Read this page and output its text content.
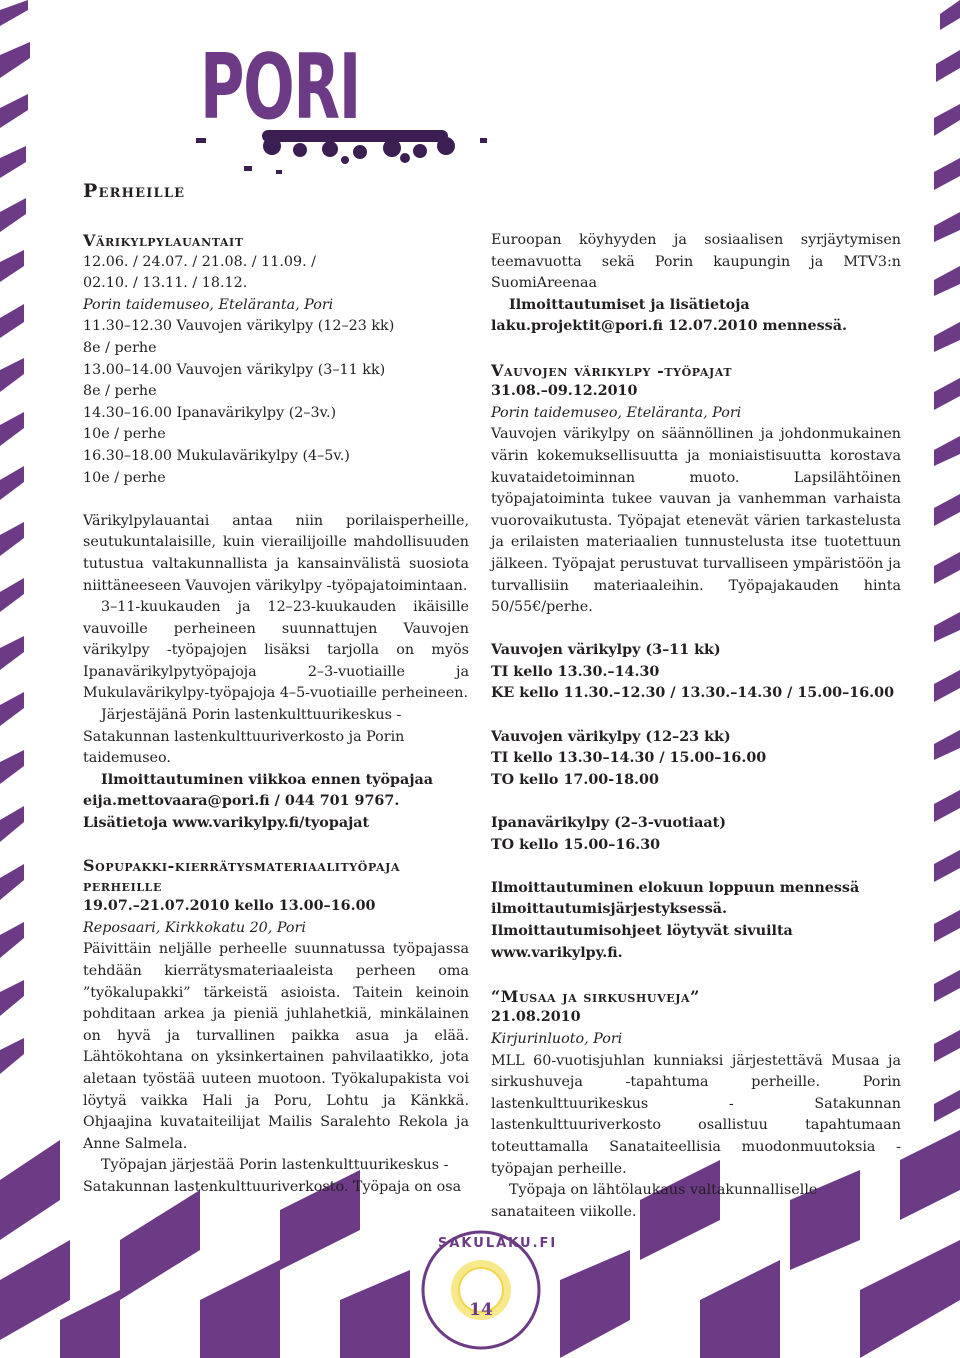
PORI
SAKULAKU.FI
14
Perheille

Värikylpylauantait

12.06. / 24.07. / 21.08. / 11.09. /

02.10. / 13.11. / 18.12.

Porin taidemuseo, Eteläranta, Pori

11.30–12.30 Vauvojen värikylpy (12–23 kk)

8e / perhe

13.00–14.00 Vauvojen värikylpy (3–11 kk)

8e / perhe

14.30–16.00 Ipanavärikylpy (2–3v.)

10e / perhe

16.30–18.00 Mukulavärikylpy (4–5v.)

10e / perhe

Värikylpylauantai antaa niin porilaisperheille, seutukuntalaisille, kuin vierailijoille mahdollisuuden tutustua valtakunnallista ja kansainvälistä suosiota niittäneeseen Vauvojen värikylpy -työpajatoimintaan.

3–11-kuukauden ja 12–23-kuukauden ikäisille vauvoille perheineen suunnattujen Vauvojen värikylpy -työpajojen lisäksi tarjolla on myös Ipanavärikylpytyöpajoja 2–3-vuotiaille ja Mukulavärikylpy-työpajoja 4–5-vuotiaille perheineen.

Järjestäjänä Porin lastenkulttuurikeskus - Satakunnan lastenkulttuuriverkosto ja Porin taidemuseo.

Ilmoittautuminen viikkoa ennen työpajaa eija.mettovaara@pori.fi / 044 701 9767. Lisätietoja www.varikylpy.fi/tyopajat

Sopupakki-kierrätysmateriaalityöpaja perheille

19.07.–21.07.2010 kello 13.00–16.00

Reposaari, Kirkkokatu 20, Pori

Päivittäin neljälle perheelle suunnatussa työpajassa tehdään kierrätysmateriaaleista perheen oma ”työkalupakki” tärkeistä asioista. Taitein keinoin pohditaan arkea ja pieniä juhlahetkiä, minkälainen on hyvä ja turvallinen paikka asua ja elää. Lähtökohtana on yksinkertainen pahvilaatikko, jota aletaan työstää uuteen muotoon. Työkalupakista voi löytyä vaikka Hali ja Poru, Lohtu ja Känkkä. Ohjaajina kuvataiteilijat Mailis Saralehto Rekola ja Anne Salmela.

Työpajan järjestää Porin lastenkulttuurikeskus - Satakunnan lastenkulttuuriverkosto. Työpaja on osa

Euroopan köyhyyden ja sosiaalisen syrjäytymisen teemavuotta sekä Porin kaupungin ja MTV3:n SuomiAreenaa

Ilmoittautumiset ja lisätietoja laku.projektit@pori.fi 12.07.2010 mennessä.

Vauvojen värikylpy -työpajat

31.08.–09.12.2010

Porin taidemuseo, Eteläranta, Pori

Vauvojen värikylpy on säännöllinen ja johdonmukainen värin kokemuksellisuutta ja moniaistisuutta korostava kuvataidetoiminnan muoto. Lapsilähtöinen työpajatoiminta tukee vauvan ja vanhemman varhaista vuorovaikutusta. Työpajat etenevät värien tarkastelusta ja erilaisten materiaalien tunnustelusta itse tuotettuun jälkeen. Työpajat perustuvat turvalliseen ympäristöön ja turvallisiin materiaaleihin. Työpajakauden hinta 50/55€/perhe.

Vauvojen värikylpy (3–11 kk)

TI kello 13.30.–14.30

KE kello 11.30.–12.30 / 13.30.–14.30 / 15.00–16.00

Vauvojen värikylpy (12–23 kk)

TI kello 13.30–14.30 / 15.00–16.00

TO kello 17.00-18.00

Ipanavärikylpy (2–3-vuotiaat)

TO kello 15.00–16.30

Ilmoittautuminen elokuun loppuun mennessä ilmoittautumisjärjestyksessä. Ilmoittautumisohjeet löytyvät sivuilta www.varikylpy.fi.

“Musaa ja sirkushuveja”

21.08.2010

Kirjurinluoto, Pori

MLL 60-vuotisjuhlan kunniaksi järjestettävä Musaa ja sirkushuveja -tapahtuma perheille. Porin lastenkulttuurikeskus - Satakunnan lastenkulttuuriverkosto osallistuu tapahtumaan toteuttamalla Sanataiteellisia muodonmuutoksia -työpajan perheille.

Työpaja on lähtölaukaus valtakunnalliselle sanataiteen viikolle.
